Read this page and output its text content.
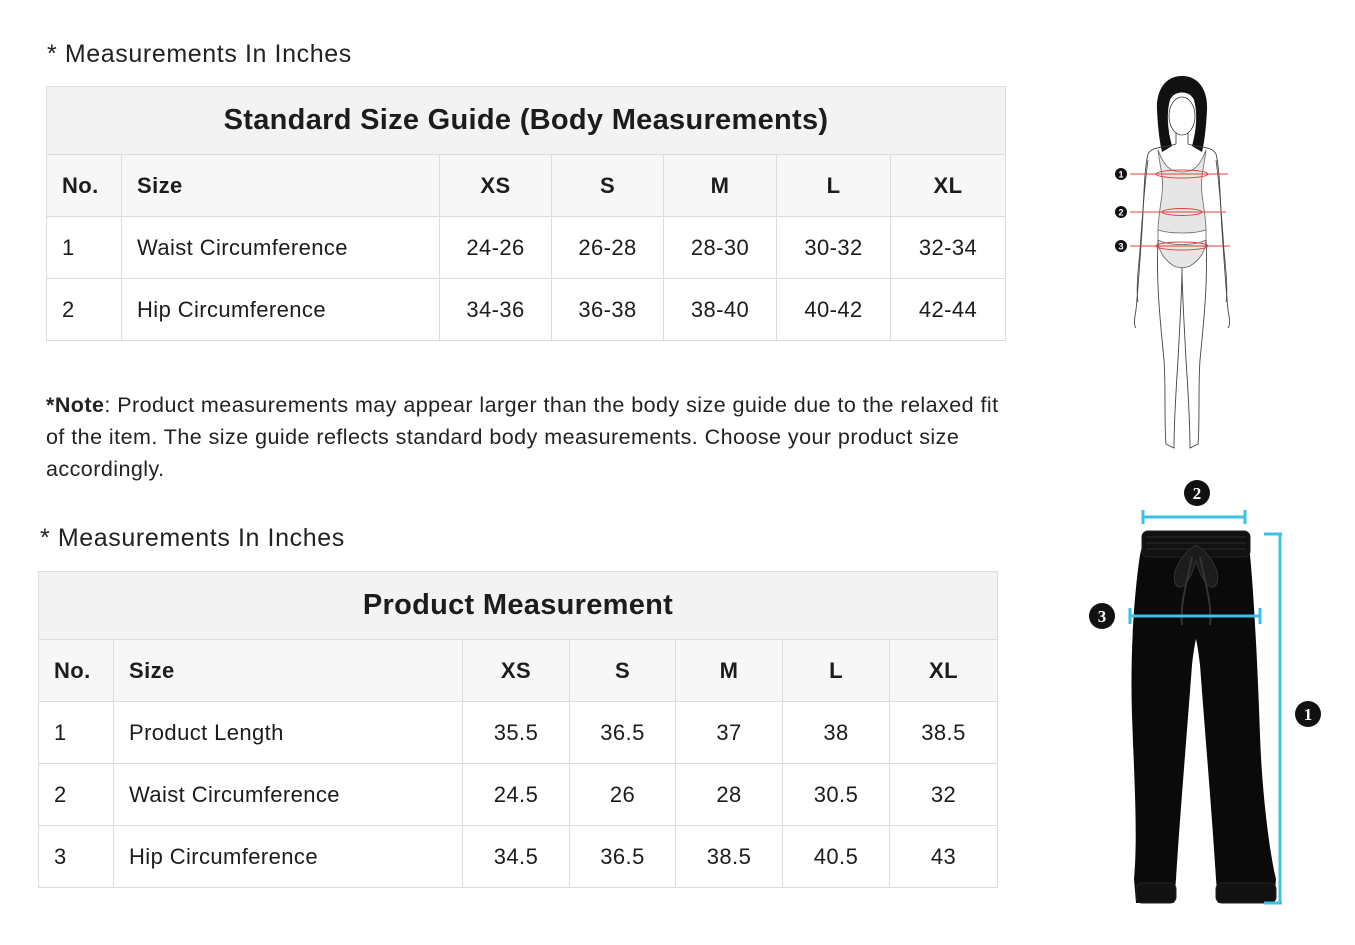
* Measurements In Inches

Standard Size Guide (Body Measurements)						
No.	Size	XS	S	M	L	XL
1	Waist Circumference	24-26	26-28	28-30	30-32	32-34
2	Hip Circumference	34-36	36-38	38-40	40-42	42-44

*Note: Product measurements may appear larger than the body size guide due to the relaxed fit of the item. The size guide reflects standard body measurements. Choose your product size accordingly.

* Measurements In Inches

Product Measurement						
No.	Size	XS	S	M	L	XL
1	Product Length	35.5	36.5	37	38	38.5
2	Waist Circumference	24.5	26	28	30.5	32
3	Hip Circumference	34.5	36.5	38.5	40.5	43
1
2
3
2
3
1
